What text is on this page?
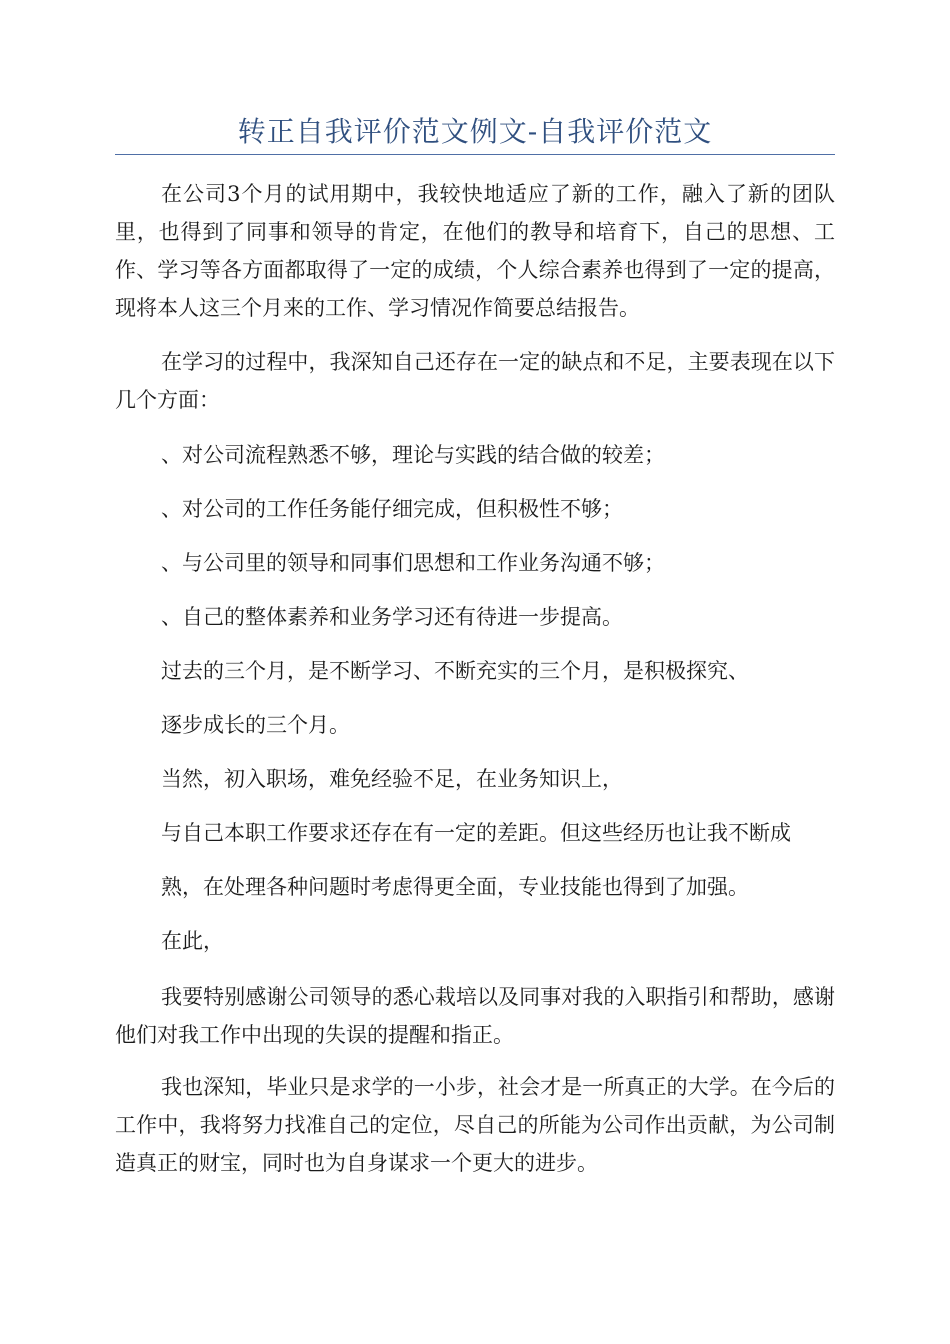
转正自我评价范文例文-自我评价范文

在公司3个月的试用期中，我较快地适应了新的工作，融入了新的团队里，也得到了同事和领导的肯定，在他们的教导和培育下，自己的思想、工作、学习等各方面都取得了一定的成绩，个人综合素养也得到了一定的提高，现将本人这三个月来的工作、学习情况作简要总结报告。

在学习的过程中，我深知自己还存在一定的缺点和不足，主要表现在以下几个方面：

、对公司流程熟悉不够，理论与实践的结合做的较差；

、对公司的工作任务能仔细完成，但积极性不够；

、与公司里的领导和同事们思想和工作业务沟通不够；

、自己的整体素养和业务学习还有待进一步提高。

过去的三个月，是不断学习、不断充实的三个月，是积极探究、

逐步成长的三个月。

当然，初入职场，难免经验不足，在业务知识上，

与自己本职工作要求还存在有一定的差距。但这些经历也让我不断成

熟，在处理各种问题时考虑得更全面，专业技能也得到了加强。

在此，

我要特别感谢公司领导的悉心栽培以及同事对我的入职指引和帮助，感谢他们对我工作中出现的失误的提醒和指正。

我也深知，毕业只是求学的一小步，社会才是一所真正的大学。在今后的工作中，我将努力找准自己的定位，尽自己的所能为公司作出贡献，为公司制造真正的财宝，同时也为自身谋求一个更大的进步。
